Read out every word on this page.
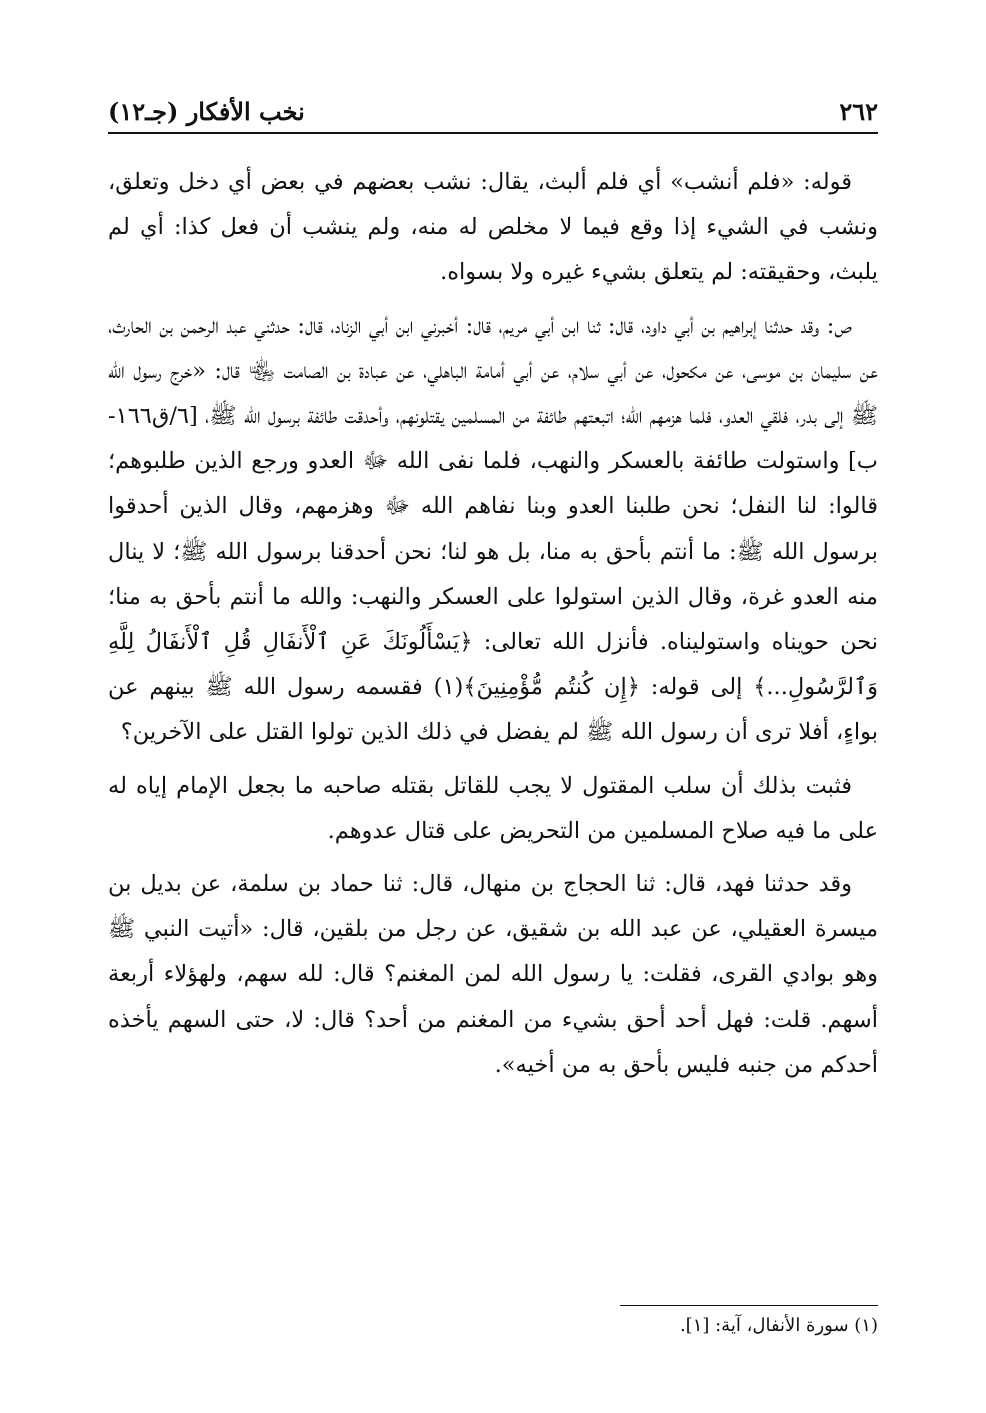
٢٦٢
نخب الأفكار (جـ١٢)

قوله: «فلم أنشب» أي فلم ألبث، يقال: نشب بعضهم في بعض أي دخل وتعلق، ونشب في الشيء إذا وقع فيما لا مخلص له منه، ولم ينشب أن فعل كذا: أي لم يلبث، وحقيقته: لم يتعلق بشيء غيره ولا بسواه.

ص: وقد حدثنا إبراهيم بن أبي داود، قال: ثنا ابن أبي مريم، قال: أخبرني ابن أبي الزناد، قال: حدثني عبد الرحمن بن الحارث، عن سليمان بن موسى، عن مكحول، عن أبي سلام، عن أبي أمامة الباهلي، عن عبادة بن الصامت ﵄ قال: «خرج رسول الله ﷺ إلى بدر، فلقي العدو، فلما هزمهم الله؛ اتبعتهم طائفة من المسلمين يقتلونهم، وأحدقت طائفة برسول الله ﷺ، [٦/ق١٦٦-ب] واستولت طائفة بالعسكر والنهب، فلما نفى الله ﷻ العدو ورجع الذين طلبوهم؛ قالوا: لنا النفل؛ نحن طلبنا العدو وبنا نفاهم الله ﷻ وهزمهم، وقال الذين أحدقوا برسول الله ﷺ: ما أنتم بأحق به منا، بل هو لنا؛ نحن أحدقنا برسول الله ﷺ؛ لا ينال منه العدو غرة، وقال الذين استولوا على العسكر والنهب: والله ما أنتم بأحق به منا؛ نحن حويناه واستوليناه. فأنزل الله تعالى: ﴿يَسْأَلُونَكَ عَنِ ٱلْأَنفَالِ قُلِ ٱلْأَنفَالُ لِلَّهِ وَٱلرَّسُولِ...﴾ إلى قوله: ﴿إِن كُنتُم مُّؤْمِنِينَ﴾(١) فقسمه رسول الله ﷺ بينهم عن بواءٍ، أفلا ترى أن رسول الله ﷺ لم يفضل في ذلك الذين تولوا القتل على الآخرين؟

فثبت بذلك أن سلب المقتول لا يجب للقاتل بقتله صاحبه ما بجعل الإمام إياه له على ما فيه صلاح المسلمين من التحريض على قتال عدوهم.

وقد حدثنا فهد، قال: ثنا الحجاج بن منهال، قال: ثنا حماد بن سلمة، عن بديل بن ميسرة العقيلي، عن عبد الله بن شقيق، عن رجل من بلقين، قال: «أتيت النبي ﷺ وهو بوادي القرى، فقلت: يا رسول الله لمن المغنم؟ قال: لله سهم، ولهؤلاء أربعة أسهم. قلت: فهل أحد أحق بشيء من المغنم من أحد؟ قال: لا، حتى السهم يأخذه أحدكم من جنبه فليس بأحق به من أخيه».

(١) سورة الأنفال، آية: [١].
